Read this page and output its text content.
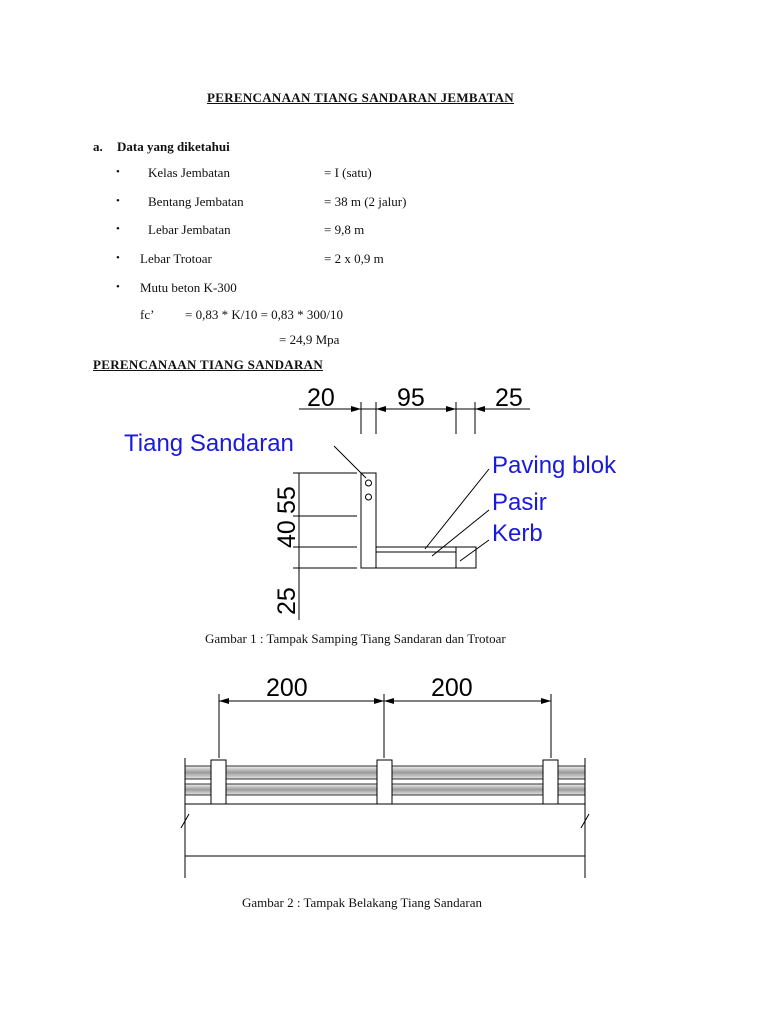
PERENCANAAN TIANG SANDARAN JEMBATAN
a. Data yang diketahui
• Kelas Jembatan	= I (satu)
• Bentang Jembatan	= 38 m (2 jalur)
• Lebar Jembatan	= 9,8 m
• Lebar Trotoar	= 2 x 0,9 m
• Mutu beton K-300
fc’ = 0,83 * K/10 = 0,83 * 300/10
= 24,9 Mpa
PERENCANAAN TIANG SANDARAN
20 95	25
55
40
25
Tiang Sandaran
Paving blok
Pasir
Kerb
Gambar 1 : Tampak Samping Tiang Sandaran dan Trotoar
200	200
Gambar 2 : Tampak Belakang Tiang Sandaran
